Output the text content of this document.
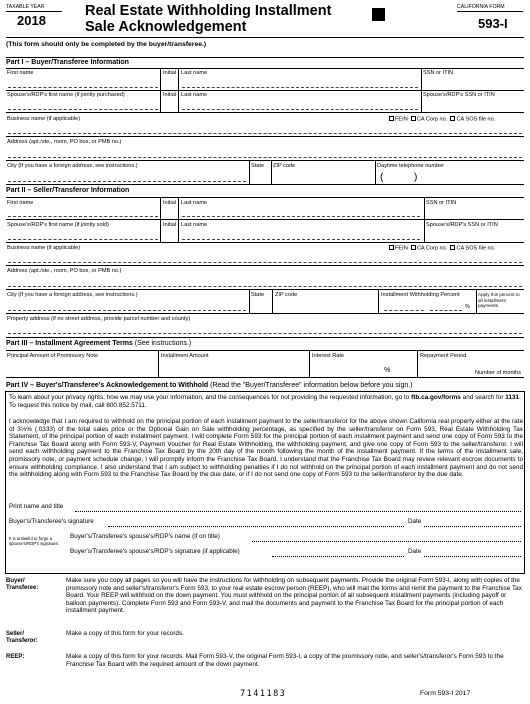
TAXABLE YEAR
2018
Real Estate Withholding Installment
Sale Acknowledgement
CALIFORNIA FORM
593-I
(This form should only be completed by the buyer/transferee.)
Part I – Buyer/Transferee Information
First name	Initial Last name	SSN or ITIN
Spouse's/RDP's first name (if jointly purchased)	Initial Last name	Spouse's/RDP's SSN or ITIN
Business name (if applicable)	FEIN CA Corp no. CA SOS file no.
Address (apt./ste., room, PO box, or PMB no.)
City (If you have a foreign address, see instructions.)	State ZIP code	Daytime telephone number
(	)
Part II – Seller/Transferor Information
First name	Initial Last name	SSN or ITIN
Spouse's/RDP's first name (if jointly sold)	Initial Last name	Spouse's/RDP's SSN or ITIN
Business name (if applicable)	FEIN CA Corp no. CA SOS file no.
Address (apt./ste., room, PO box, or PMB no.)
City (If you have a foreign address, see instructions.)	State ZIP code	Installment Withholding Percent	Apply this percent to all installment payments.
%
Property address (if no street address, provide parcel number and county)
Part III – Installment Agreement Terms (See instructions.)
Principal Amount of Promissory Note	Installment Amount	Interest Rate	Repayment Period
%	Number of months
Part IV – Buyer's/Transferee's Acknowledgement to Withhold (Read the "Buyer/Transferee" information below before you sign.)
To learn about your privacy rights, how we may use your information, and the consequences for not providing the requested information, go to ftb.ca.gov/forms and search for 1131. To request this notice by mail, call 800.852.5711.
I acknowledge that I am required to withhold on the principal portion of each installment payment to the seller/transferor for the above shown California real property either at the rate of 3⅓% (.0333) of the total sales price or the Optional Gain on Sale withholding percentage, as specified by the seller/transferor on Form 593, Real Estate Withholding Tax Statement, of the principal portion of each installment payment. I will complete Form 593 for the principal portion of each installment payment and send one copy of Form 593 to the Franchise Tax Board along with Form 593-V, Payment Voucher for Real Estate Withholding, the withholding payment, and give one copy of Form 593 to the seller/transferor. I will send each withholding payment to the Franchise Tax Board by the 20th day of the month following the month of the installment payment. If the terms of the installment sale, promissory note, or payment schedule change, I will promptly inform the Franchise Tax Board. I understand that the Franchise Tax Board may review relevant escrow documents to ensure withholding compliance. I also understand that I am subject to withholding penalties if I do not withhold on the principal portion of each installment payment and do not send the withholding along with Form 593 to the Franchise Tax Board by the due date, or if I do not send one copy of Form 593 to the seller/transferor by the due date.
Print name and title
Buyer's/Transferee's signature	Date
It is unlawful to forge a spouse's/RDP's signature.
Buyer's/Transferee's spouse's/RDP's name (if on title)
Buyer's/Transferee's spouse's/RDP's signature (if applicable)	Date
Buyer/
Transferee:
Make sure you copy all pages so you will have the instructions for withholding on subsequent payments. Provide the original Form 593-I, along with copies of the promissory note and seller's/transferor's Form 593, to your real estate escrow person (REEP), who will mail the forms and remit the payment to the Franchise Tax Board. Your REEP will withhold on the down payment. You must withhold on the principal portion of all subsequent installment payments (including payoff or balloon payments). Complete Form 593 and Form 593-V, and mail the documents and payment to the Franchise Tax Board for the principal portion of each installment payment.
Seller/
Transferor:
Make a copy of this form for your records.
REEP:	Make a copy of this form for your records. Mail Form 593-V, the original Form 593-I, a copy of the promissory note, and seller's/transferor's Form 593 to the Franchise Tax Board with the required amount of the down payment.
7141183	Form 593-I 2017
